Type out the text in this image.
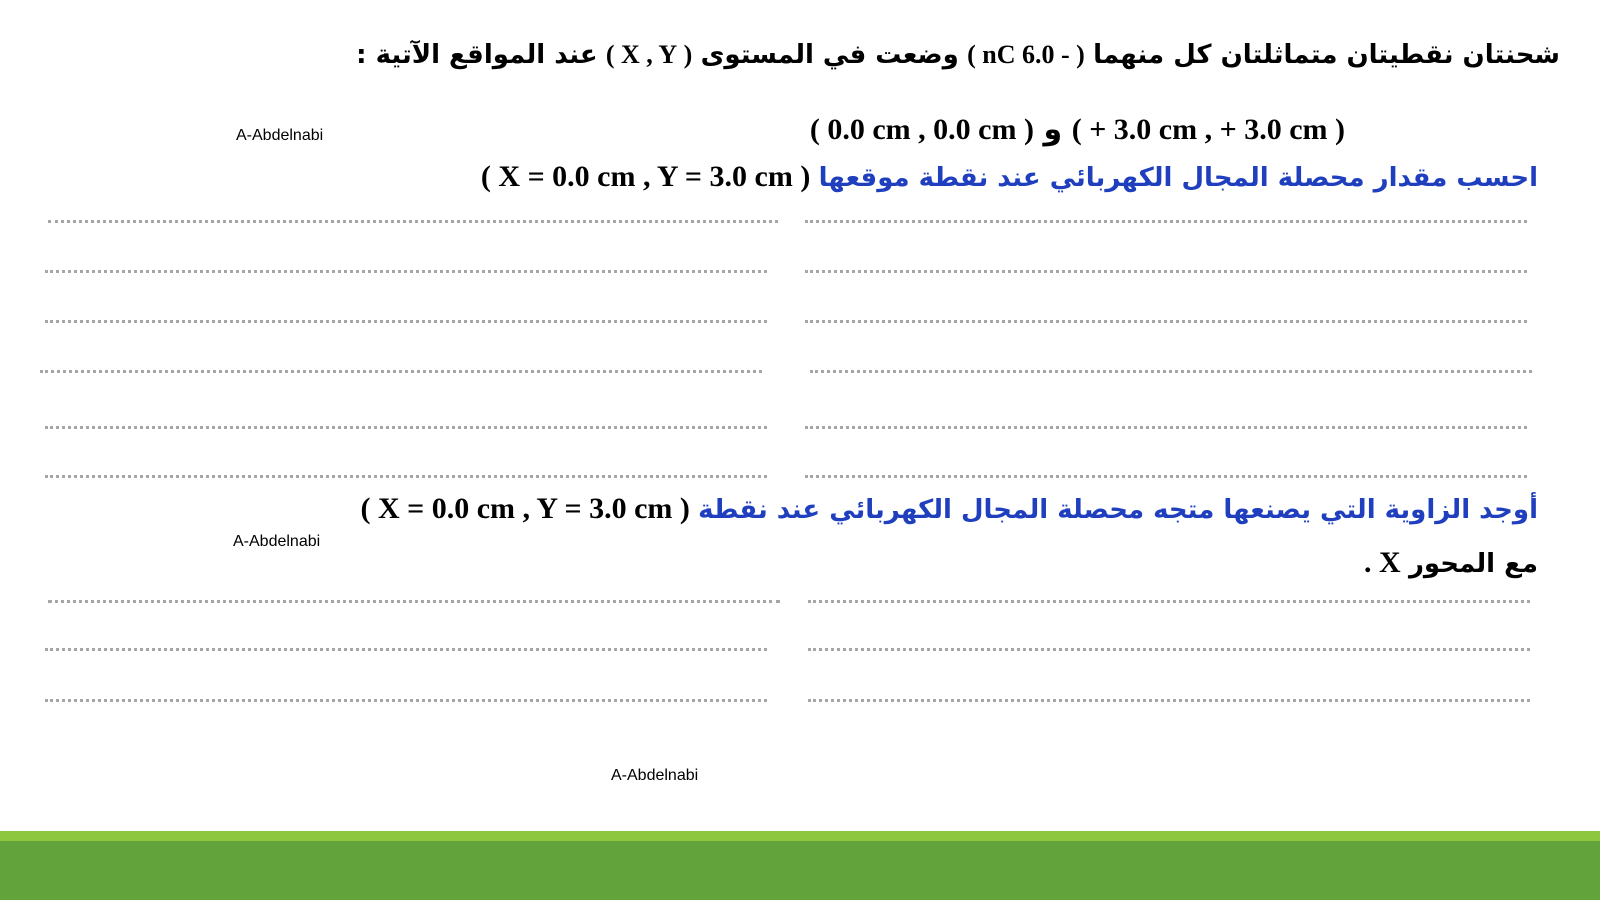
شحنتان نقطيتان متماثلتان كل منهما ( - 6.0 nC ) وضعت في المستوى ( X , Y ) عند المواقع الآتية :
A-Abdelnabi	( 0.0 cm , 0.0 cm ) و ( + 3.0 cm , + 3.0 cm )
احسب مقدار محصلة المجال الكهربائي عند نقطة موقعها ( X = 0.0 cm , Y = 3.0 cm )
أوجد الزاوية التي يصنعها متجه محصلة المجال الكهربائي عند نقطة ( X = 0.0 cm , Y = 3.0 cm )
A-Abdelnabi
مع المحور X .
A-Abdelnabi
